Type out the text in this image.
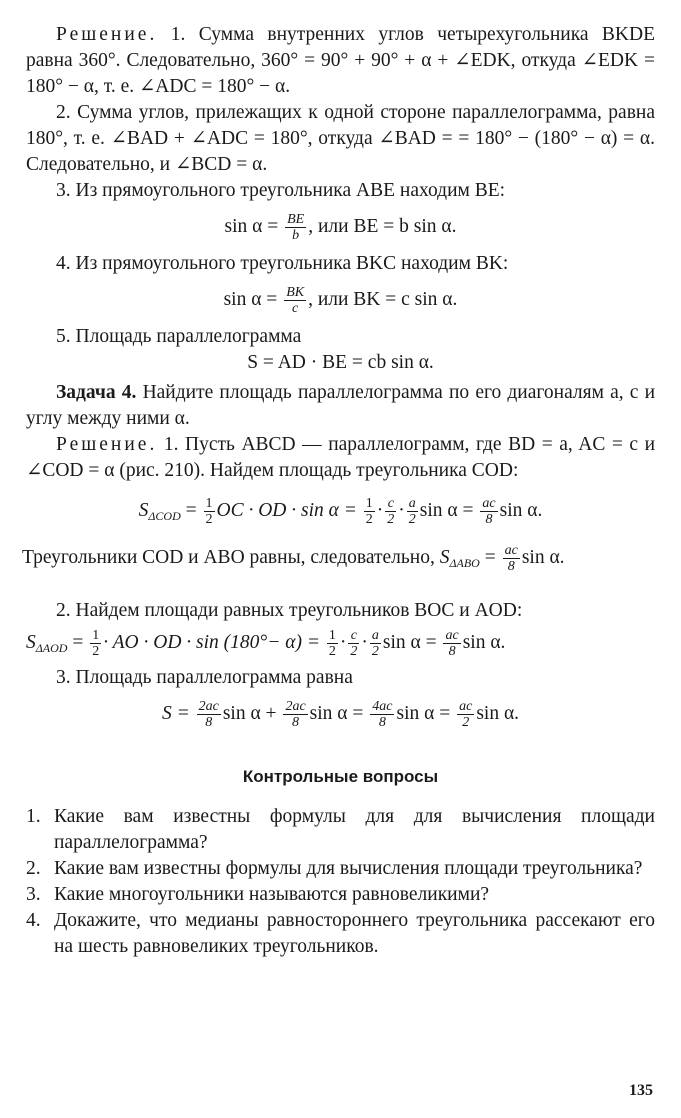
Решение. 1. Сумма внутренних углов четырехугольника BKDE равна 360°. Следовательно, 360° = 90° + 90° + α + ∠EDK, откуда ∠EDK = 180° − α, т. е. ∠ADC = 180° − α.

2. Сумма углов, прилежащих к одной стороне параллелограмма, равна 180°, т. е. ∠BAD + ∠ADC = 180°, откуда ∠BAD = = 180° − (180° − α) = α. Следовательно, и ∠BCD = α.

3. Из прямоугольного треугольника ABE находим BE:

$\sin \alpha = \frac{BE}{b}$ , или BE = b sin α.

4. Из прямоугольного треугольника BKC находим BK:

$\sin \alpha = \frac{BK}{c}$ , или BK = c sin α.

5. Площадь параллелограмма

S = AD · BE = cb sin α.

Задача 4. Найдите площадь параллелограмма по его диагоналям a, c и углу между ними α.

Решение. 1. Пусть ABCD — параллелограмм, где BD = a, AC = c и ∠COD = α (рис. 210). Найдем площадь треугольника COD:

$S_{\Delta COD} = \frac{1}{2}$ OC · OD · $\sin \alpha = \frac{1}{2} \cdot \frac{c}{2} \cdot \frac{a}{2}$ $\sin \alpha = \frac{ac}{8}$ sin α.
Треугольники COD и ABO равны, следовательно, $S_{\Delta ABO} = \frac{ac}{8}$ sin α.

2. Найдем площади равных треугольников BOC и AOD:

$S_{\Delta AOD} = \frac{1}{2}$ · AO · OD · $\sin (180^\circ- \alpha) = \frac{1}{2} \cdot \frac{c}{2} \cdot \frac{a}{2}$ $\sin \alpha = \frac{ac}{8}$ sin α.

3. Площадь параллелограмма равна

$S = \frac{2ac}{8}$ $\sin \alpha + \frac{2ac}{8}$ $\sin \alpha = \frac{4ac}{8}$ $\sin \alpha = \frac{ac}{2}$ sin α.
Контрольные вопросы
1. Какие вам известны формулы для для вычисления площади параллелограмма?
2. Какие вам известны формулы для вычисления площади треугольника?
3. Какие многоугольники называются равновеликими?
4. Докажите, что медианы равностороннего треугольника рассекают его на шесть равновеликих треугольников.
135
